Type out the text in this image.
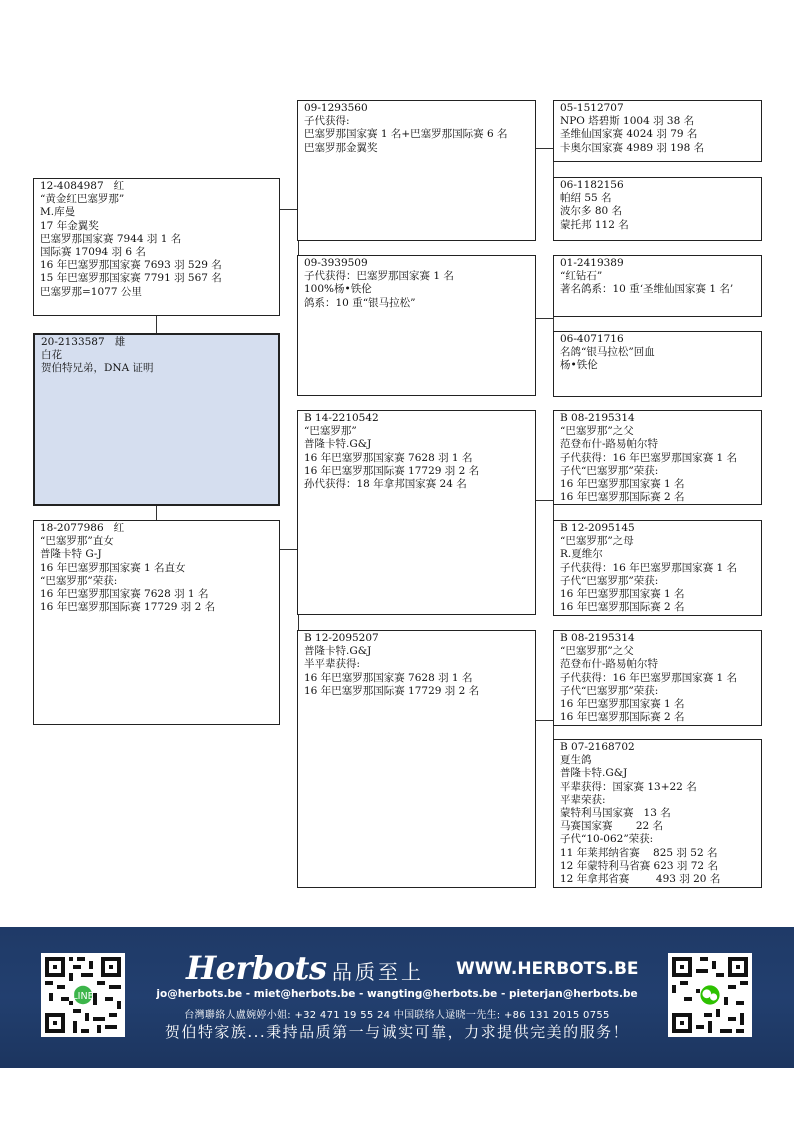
12-4084987   红
“黄金红巴塞罗那”
M.库曼
17 年金翼奖
巴塞罗那国家赛 7944 羽 1 名
国际赛 17094 羽 6 名
16 年巴塞罗那国家赛 7693 羽 529 名
15 年巴塞罗那国家赛 7791 羽 567 名
巴塞罗那=1077 公里
20-2133587   雄
白花
贺伯特兄弟，DNA 证明
18-2077986   红
“巴塞罗那”直女
普隆卡特 G-J
16 年巴塞罗那国家赛 1 名直女
“巴塞罗那”荣获:
16 年巴塞罗那国家赛 7628 羽 1 名
16 年巴塞罗那国际赛 17729 羽 2 名
09-1293560
子代获得:
巴塞罗那国家赛 1 名+巴塞罗那国际赛 6 名
巴塞罗那金翼奖
09-3939509
子代获得：巴塞罗那国家赛 1 名
100%杨•铁伦
鸽系：10 重“银马拉松”
B 14-2210542
“巴塞罗那”
普隆卡特.G&J
16 年巴塞罗那国家赛 7628 羽 1 名
16 年巴塞罗那国际赛 17729 羽 2 名
孙代获得：18 年拿邦国家赛 24 名
B 12-2095207
普隆卡特.G&J
半平辈获得:
16 年巴塞罗那国家赛 7628 羽 1 名
16 年巴塞罗那国际赛 17729 羽 2 名
05-1512707
NPO 塔碧斯 1004 羽 38 名
圣维仙国家赛 4024 羽 79 名
卡奥尔国家赛 4989 羽 198 名
06-1182156
帕绍 55 名
波尔多 80 名
蒙托邦 112 名
01-2419389
“红钻石”
著名鸽系：10 重‘圣维仙国家赛 1 名’
06-4071716
名鸽“银马拉松”回血
杨•铁伦
B 08-2195314
“巴塞罗那”之父
范登布什-路易帕尔特
子代获得：16 年巴塞罗那国家赛 1 名
子代“巴塞罗那”荣获:
16 年巴塞罗那国家赛 1 名
16 年巴塞罗那国际赛 2 名
B 12-2095145
“巴塞罗那”之母
R.夏维尔
子代获得：16 年巴塞罗那国家赛 1 名
子代“巴塞罗那”荣获:
16 年巴塞罗那国家赛 1 名
16 年巴塞罗那国际赛 2 名
B 08-2195314
“巴塞罗那”之父
范登布什-路易帕尔特
子代获得：16 年巴塞罗那国家赛 1 名
子代“巴塞罗那”荣获:
16 年巴塞罗那国家赛 1 名
16 年巴塞罗那国际赛 2 名
B 07-2168702
夏生鸽
普隆卡特.G&J
平辈获得：国家赛 13+22 名
平辈荣获:
蒙特利马国家赛   13 名
马赛国家赛       22 名
子代“10-062”荣获:
11 年莱邦纳省赛    825 羽 52 名
12 年蒙特利马省赛 623 羽 72 名
12 年拿邦省赛        493 羽 20 名
LINE
Herbots 品质至上 WWW.HERBOTS.BE
jo@herbots.be - miet@herbots.be - wangting@herbots.be - pieterjan@herbots.be
台灣聯絡人盧婉婷小姐: +32 471 19 55 24 中国联络人逯晓一先生: +86 131 2015 0755
贺伯特家族...秉持品质第一与诚实可靠，力求提供完美的服务！
